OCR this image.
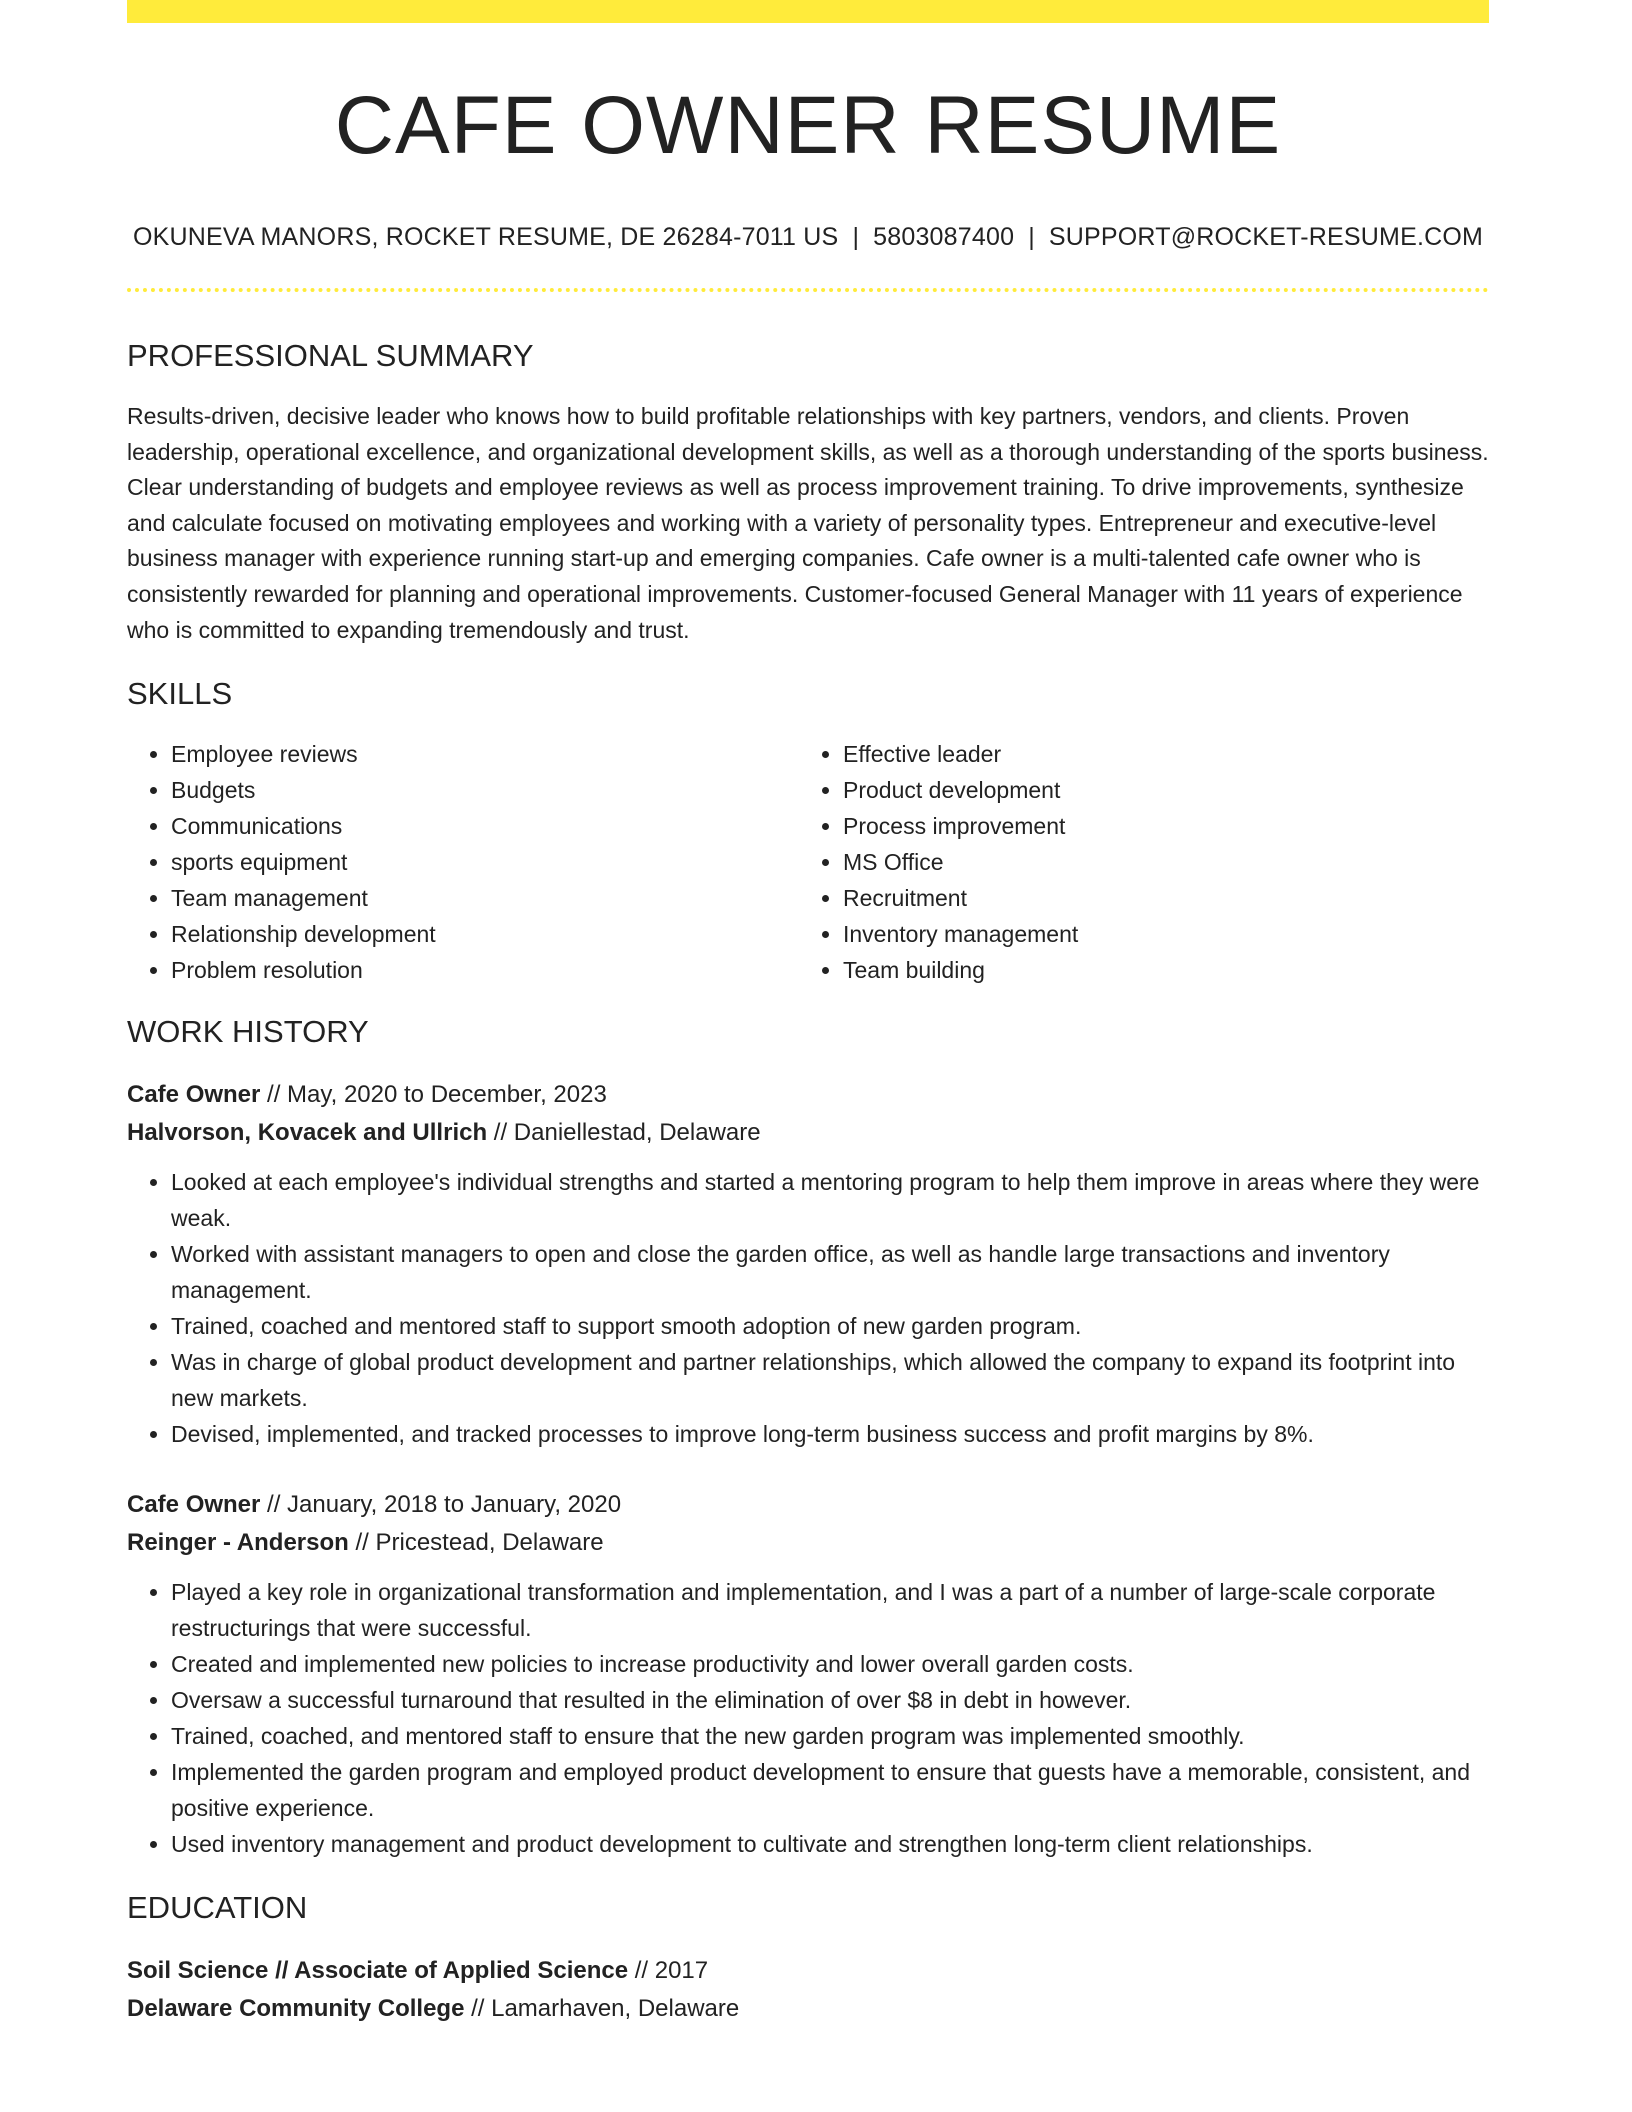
CAFE OWNER RESUME
OKUNEVA MANORS, ROCKET RESUME, DE 26284-7011 US | 5803087400 | SUPPORT@ROCKET-RESUME.COM
PROFESSIONAL SUMMARY

Results-driven, decisive leader who knows how to build profitable relationships with key partners, vendors, and clients. Proven leadership, operational excellence, and organizational development skills, as well as a thorough understanding of the sports business. Clear understanding of budgets and employee reviews as well as process improvement training. To drive improvements, synthesize and calculate focused on motivating employees and working with a variety of personality types. Entrepreneur and executive-level business manager with experience running start-up and emerging companies. Cafe owner is a multi-talented cafe owner who is consistently rewarded for planning and operational improvements. Customer-focused General Manager with 11 years of experience who is committed to expanding tremendously and trust.

SKILLS
• Employee reviews
• Budgets
• Communications
• sports equipment
• Team management
• Relationship development
• Problem resolution
• Effective leader
• Product development
• Process improvement
• MS Office
• Recruitment
• Inventory management
• Team building
WORK HISTORY

Cafe Owner // May, 2020 to December, 2023

Halvorson, Kovacek and Ullrich // Daniellestad, Delaware

• Looked at each employee's individual strengths and started a mentoring program to help them improve in areas where they were weak.
• Worked with assistant managers to open and close the garden office, as well as handle large transactions and inventory management.
• Trained, coached and mentored staff to support smooth adoption of new garden program.
• Was in charge of global product development and partner relationships, which allowed the company to expand its footprint into new markets.
• Devised, implemented, and tracked processes to improve long-term business success and profit margins by 8%.

Cafe Owner // January, 2018 to January, 2020

Reinger - Anderson // Pricestead, Delaware

• Played a key role in organizational transformation and implementation, and I was a part of a number of large-scale corporate restructurings that were successful.
• Created and implemented new policies to increase productivity and lower overall garden costs.
• Oversaw a successful turnaround that resulted in the elimination of over $8 in debt in however.
• Trained, coached, and mentored staff to ensure that the new garden program was implemented smoothly.
• Implemented the garden program and employed product development to ensure that guests have a memorable, consistent, and positive experience.
• Used inventory management and product development to cultivate and strengthen long-term client relationships.
EDUCATION

Soil Science // Associate of Applied Science // 2017

Delaware Community College // Lamarhaven, Delaware
